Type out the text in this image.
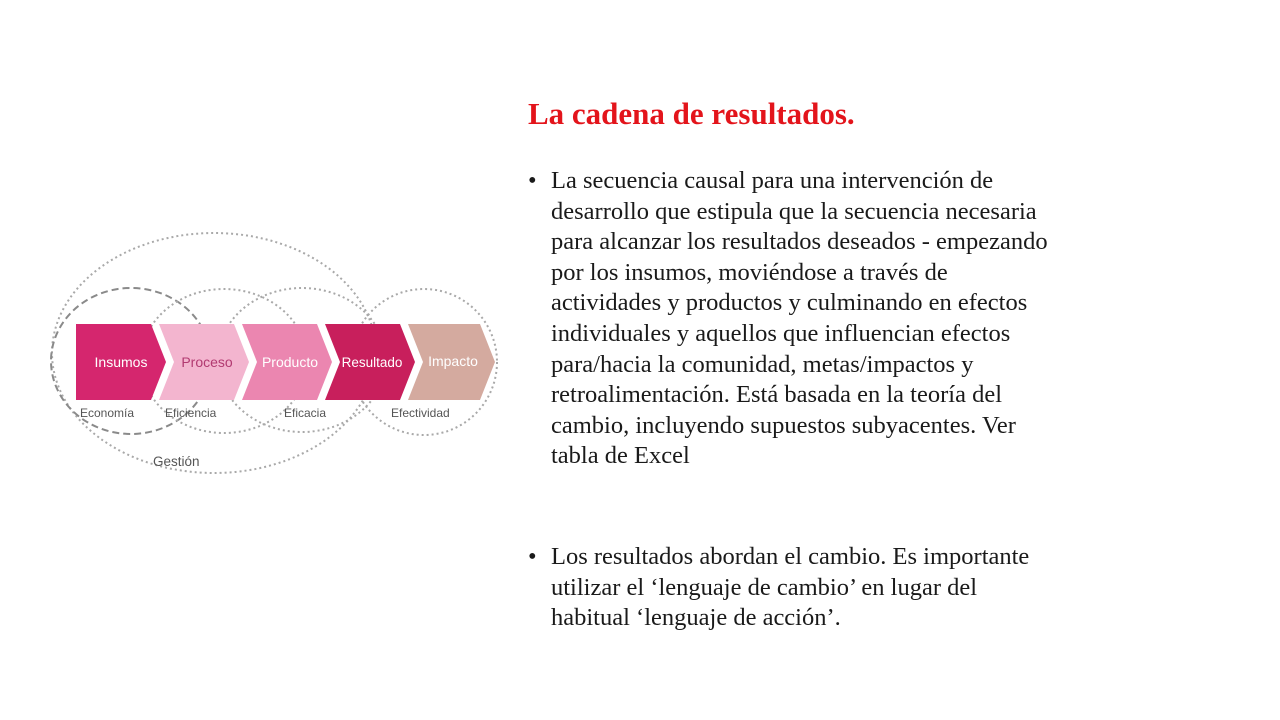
Insumos Proceso Producto Resultado Impacto
Economía	Eficiencia	Eficacia	Efectividad
Gestión
La cadena de resultados.
• La secuencia causal para una intervención de
desarrollo que estipula que la secuencia necesaria
para alcanzar los resultados deseados - empezando
por los insumos, moviéndose a través de
actividades y productos y culminando en efectos
individuales y aquellos que influencian efectos
para/hacia la comunidad, metas/impactos y
retroalimentación. Está basada en la teoría del
cambio, incluyendo supuestos subyacentes. Ver
tabla de Excel
• Los resultados abordan el cambio. Es importante
utilizar el ‘lenguaje de cambio’ en lugar del
habitual ‘lenguaje de acción’.
